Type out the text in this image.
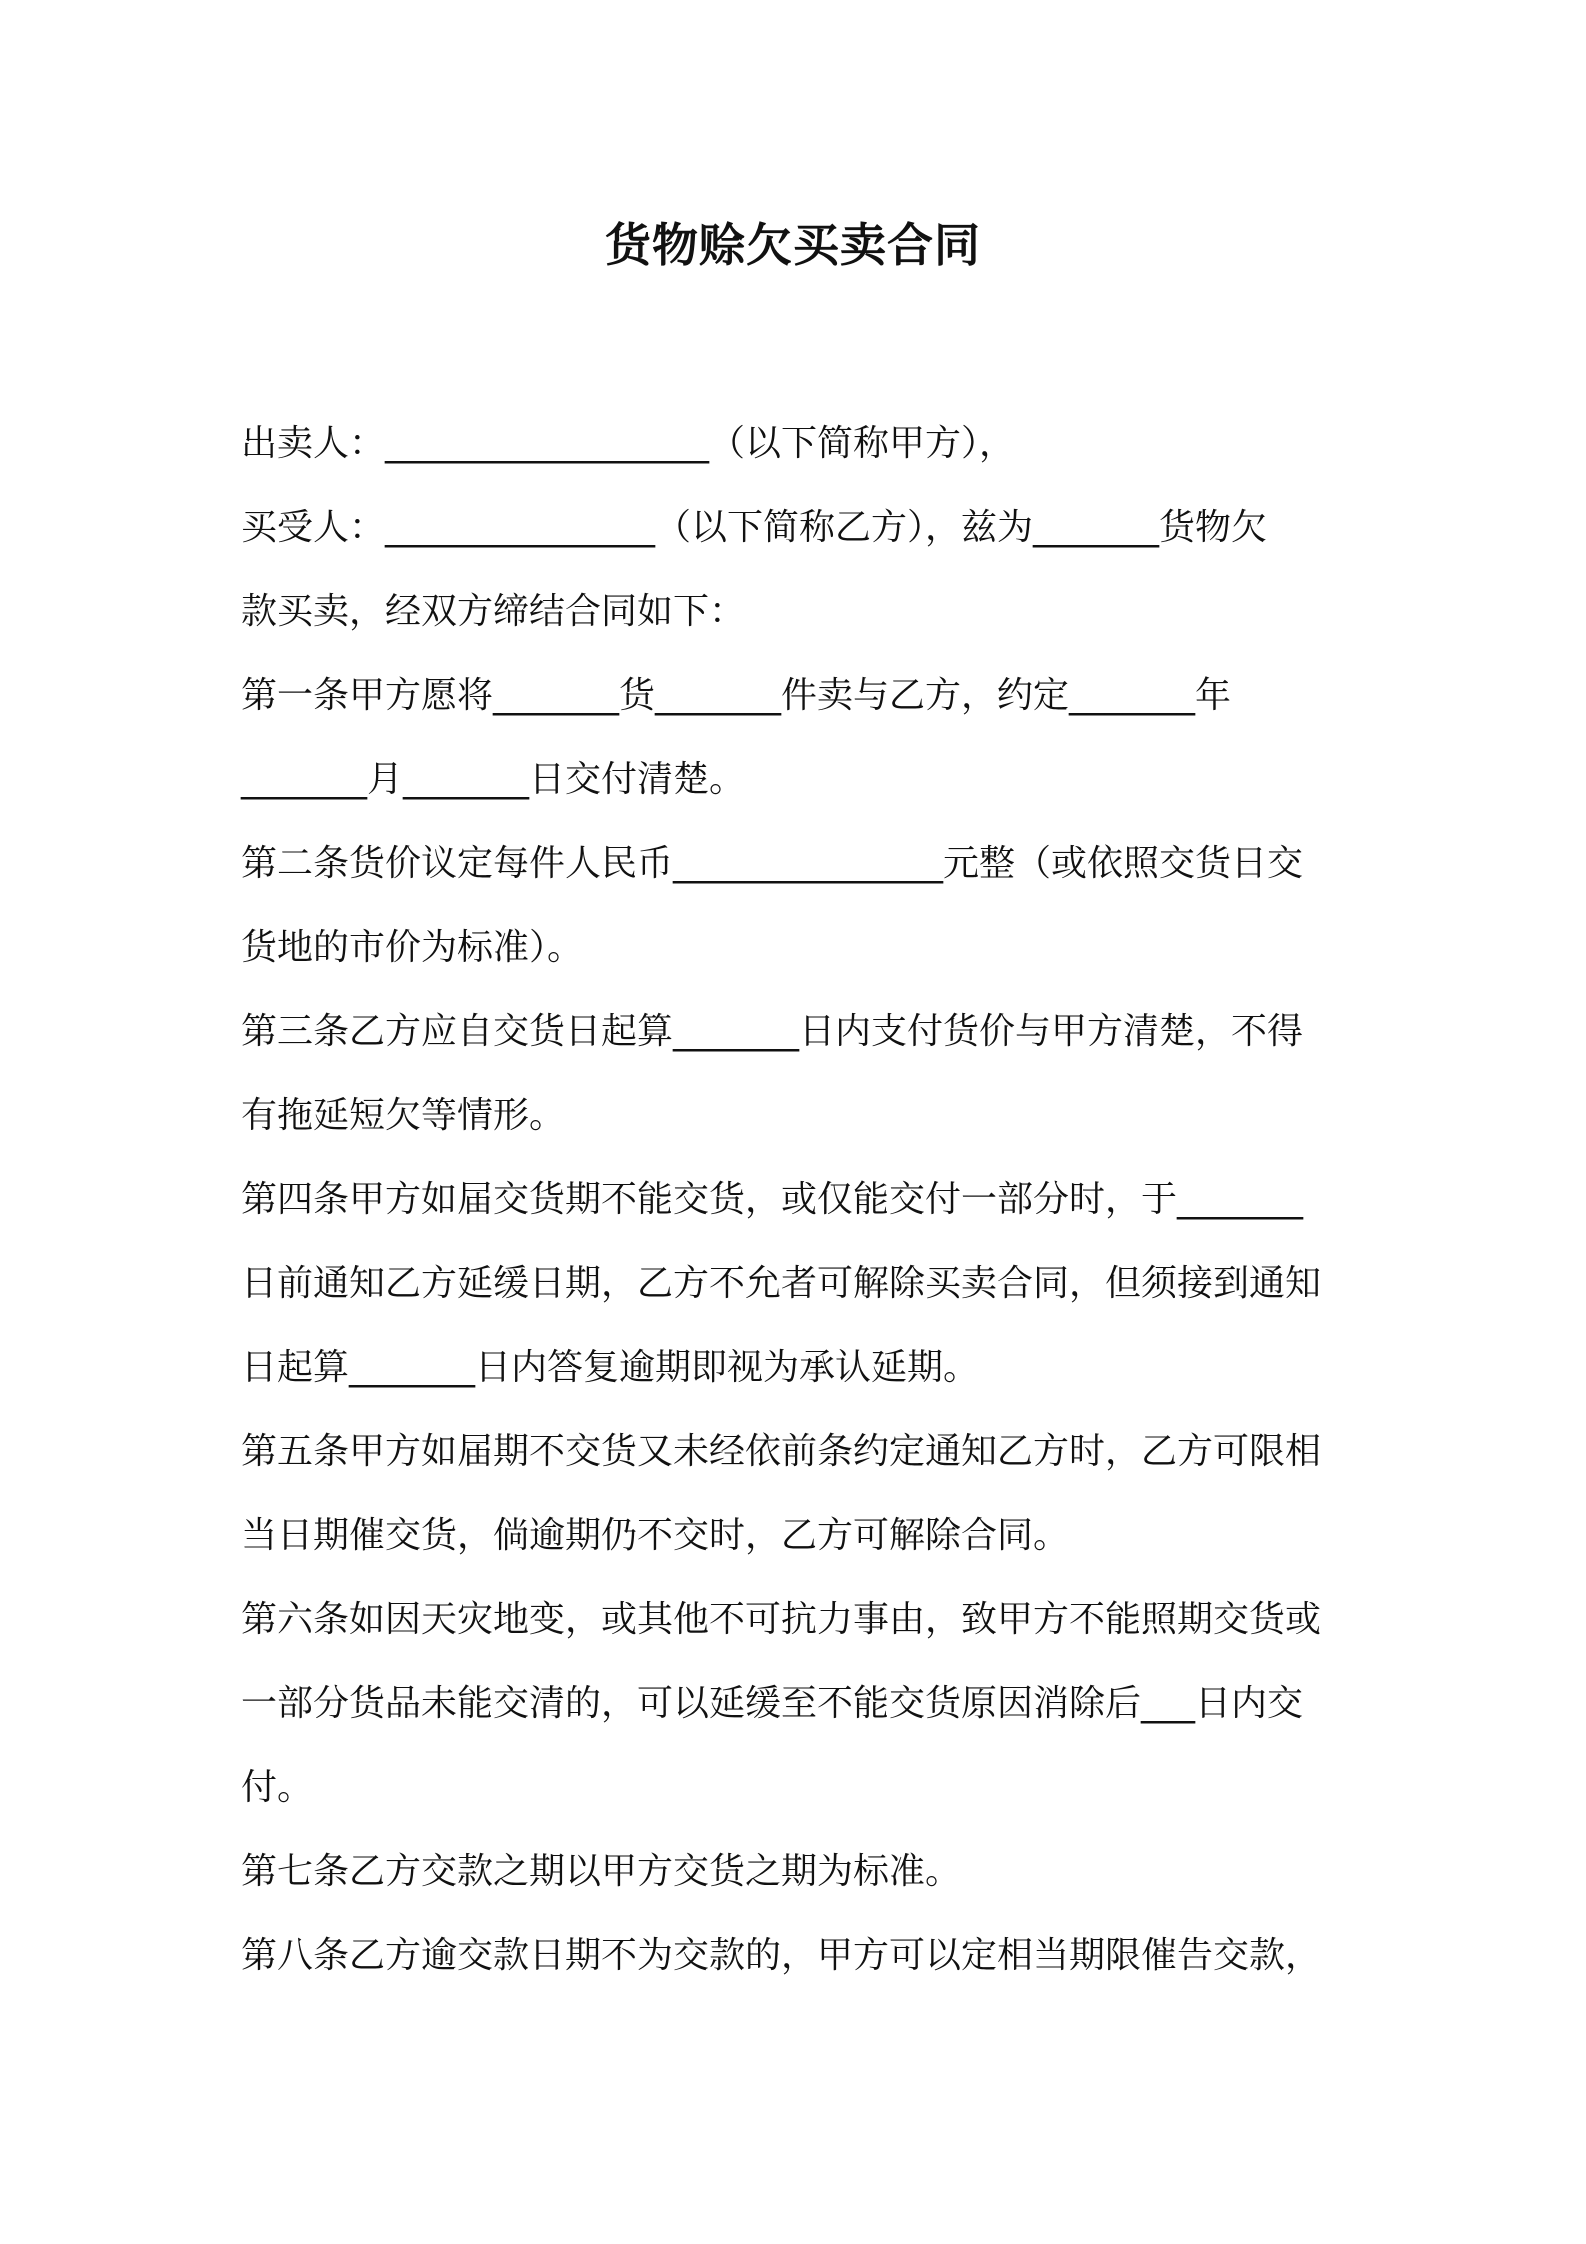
货物赊欠买卖合同
出卖人：__________________（以下简称甲方），
买受人：_______________（以下简称乙方），兹为_______货物欠
款买卖，经双方缔结合同如下：
第一条甲方愿将_______货_______件卖与乙方，约定_______年
_______月_______日交付清楚。
第二条货价议定每件人民币_______________元整（或依照交货日交
货地的市价为标准）。
第三条乙方应自交货日起算_______日内支付货价与甲方清楚，不得
有拖延短欠等情形。
第四条甲方如届交货期不能交货，或仅能交付一部分时，于_______
日前通知乙方延缓日期，乙方不允者可解除买卖合同，但须接到通知
日起算_______日内答复逾期即视为承认延期。
第五条甲方如届期不交货又未经依前条约定通知乙方时，乙方可限相
当日期催交货，倘逾期仍不交时，乙方可解除合同。
第六条如因天灾地变，或其他不可抗力事由，致甲方不能照期交货或
一部分货品未能交清的，可以延缓至不能交货原因消除后___日内交
付。
第七条乙方交款之期以甲方交货之期为标准。
第八条乙方逾交款日期不为交款的，甲方可以定相当期限催告交款，
